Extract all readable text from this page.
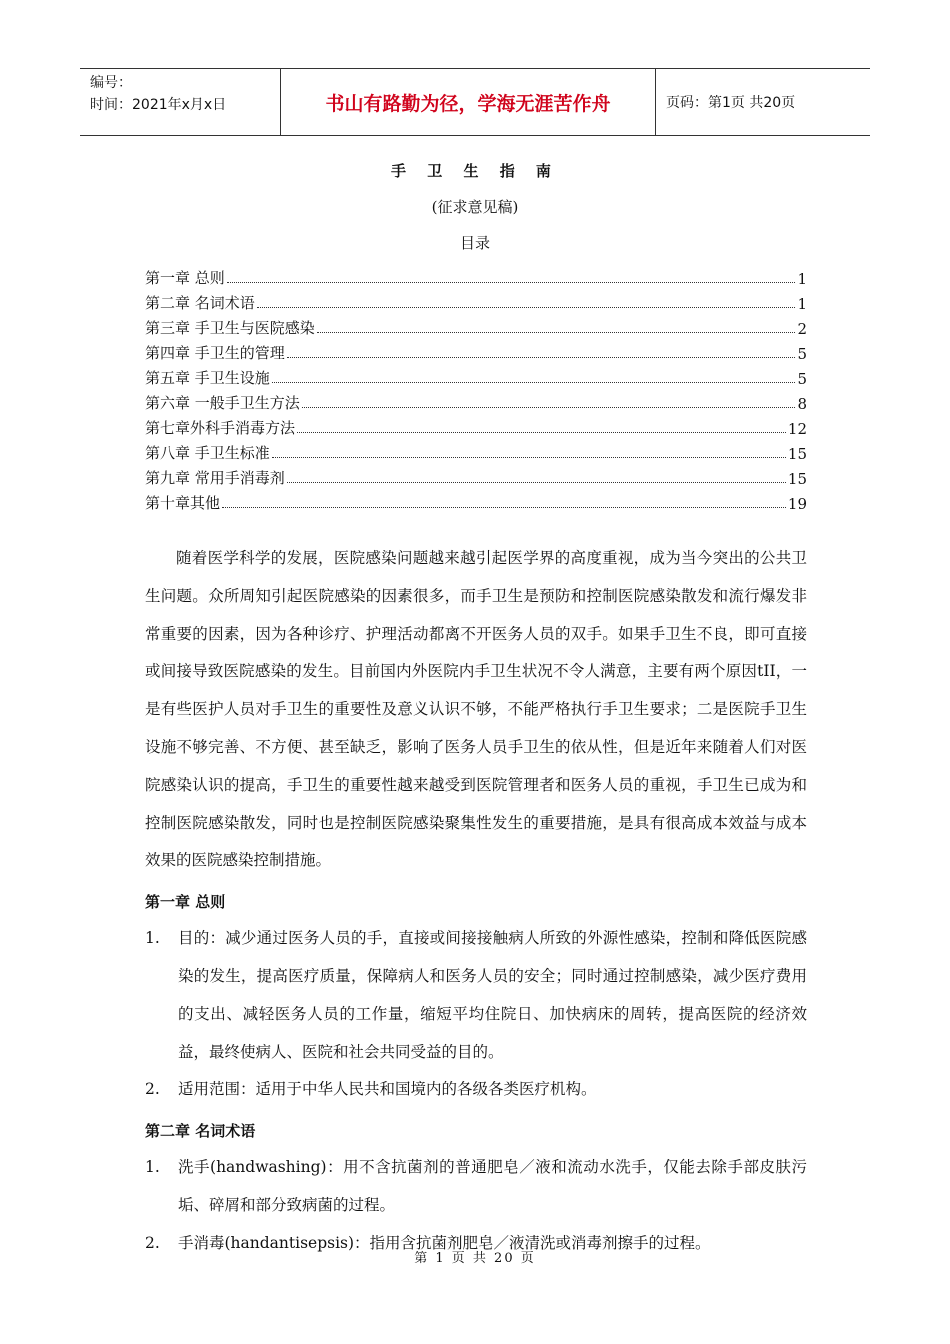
编号：
时间：2021年x月x日	书山有路勤为径，学海无涯苦作舟	页码：第1页 共20页
手 卫 生 指 南
(征求意见稿)
目录
第一章 总则	1
第二章 名词术语	1
第三章 手卫生与医院感染	2
第四章 手卫生的管理	5
第五章 手卫生设施	5
第六章 一般手卫生方法	8
第七章外科手消毒方法	12
第八章 手卫生标准	15
第九章 常用手消毒剂	15
第十章其他	19

随着医学科学的发展，医院感染问题越来越引起医学界的高度重视，成为当今突出的公共卫生问题。众所周知引起医院感染的因素很多，而手卫生是预防和控制医院感染散发和流行爆发非常重要的因素，因为各种诊疗、护理活动都离不开医务人员的双手。如果手卫生不良，即可直接或间接导致医院感染的发生。目前国内外医院内手卫生状况不令人满意，主要有两个原因tII，一是有些医护人员对手卫生的重要性及意义认识不够，不能严格执行手卫生要求；二是医院手卫生设施不够完善、不方便、甚至缺乏，影响了医务人员手卫生的依从性，但是近年来随着人们对医院感染认识的提高，手卫生的重要性越来越受到医院管理者和医务人员的重视，手卫生已成为和控制医院感染散发，同时也是控制医院感染聚集性发生的重要措施，是具有很高成本效益与成本效果的医院感染控制措施。

第一章 总则
1.	目的：减少通过医务人员的手，直接或间接接触病人所致的外源性感染，控制和降低医院感染的发生，提高医疗质量，保障病人和医务人员的安全；同时通过控制感染，减少医疗费用的支出、减轻医务人员的工作量，缩短平均住院日、加快病床的周转，提高医院的经济效益，最终使病人、医院和社会共同受益的目的。
2.	适用范围：适用于中华人民共和国境内的各级各类医疗机构。
第二章 名词术语
1.	洗手(handwashing)：用不含抗菌剂的普通肥皂／液和流动水洗手，仅能去除手部皮肤污垢、碎屑和部分致病菌的过程。
2.	手消毒(handantisepsis)：指用含抗菌剂肥皂／液清洗或消毒剂擦手的过程。
第 1 页 共 20 页
